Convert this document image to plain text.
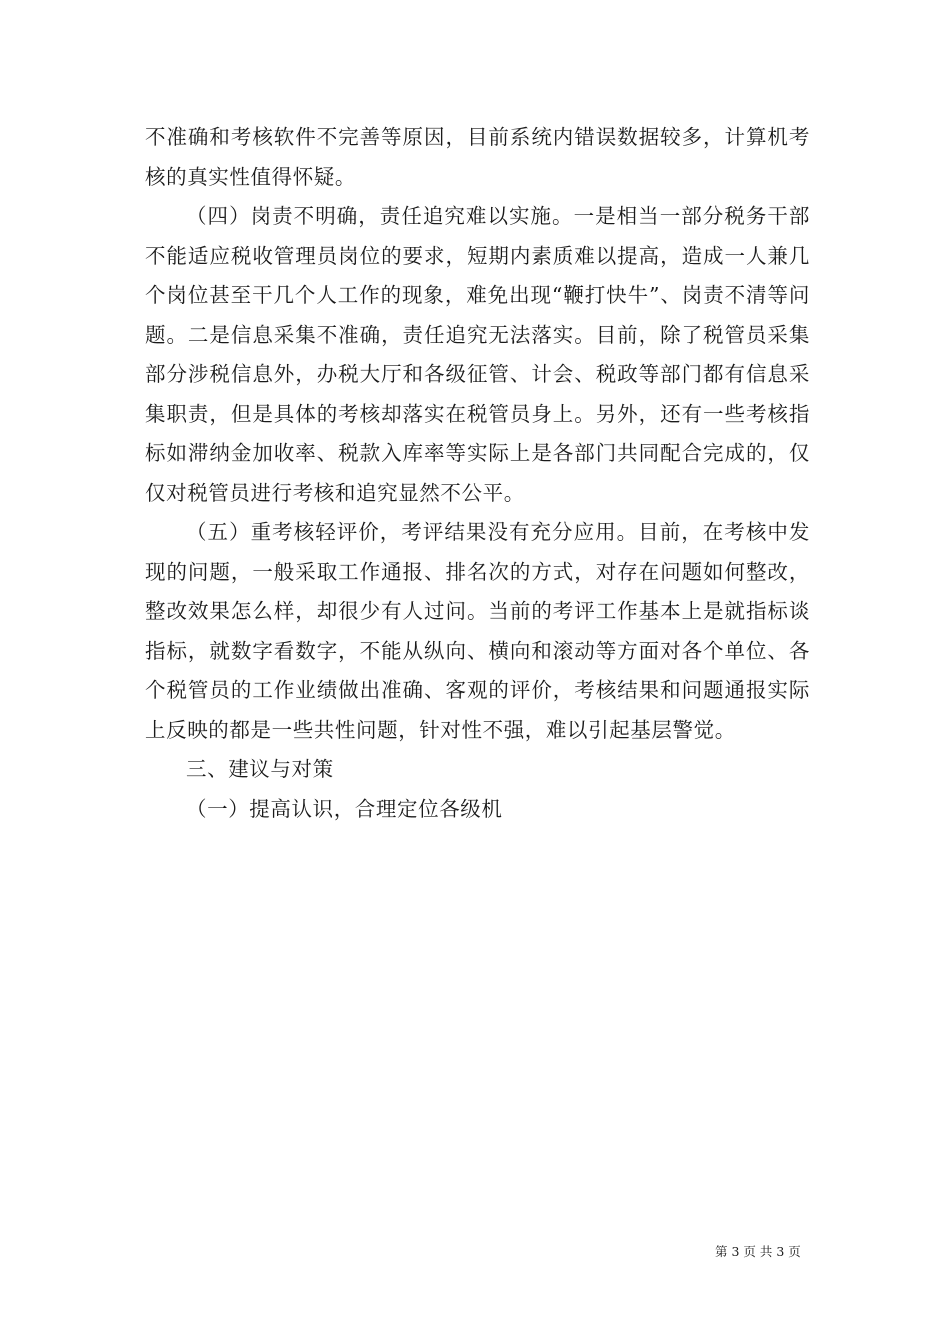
不准确和考核软件不完善等原因，目前系统内错误数据较多，计算机考核的真实性值得怀疑。

（四）岗责不明确，责任追究难以实施。一是相当一部分税务干部不能适应税收管理员岗位的要求，短期内素质难以提高，造成一人兼几个岗位甚至干几个人工作的现象，难免出现“鞭打快牛”、岗责不清等问题。二是信息采集不准确，责任追究无法落实。目前，除了税管员采集部分涉税信息外，办税大厅和各级征管、计会、税政等部门都有信息采集职责，但是具体的考核却落实在税管员身上。另外，还有一些考核指标如滞纳金加收率、税款入库率等实际上是各部门共同配合完成的，仅仅对税管员进行考核和追究显然不公平。

（五）重考核轻评价，考评结果没有充分应用。目前，在考核中发现的问题，一般采取工作通报、排名次的方式，对存在问题如何整改，整改效果怎么样，却很少有人过问。当前的考评工作基本上是就指标谈指标，就数字看数字，不能从纵向、横向和滚动等方面对各个单位、各个税管员的工作业绩做出准确、客观的评价，考核结果和问题通报实际上反映的都是一些共性问题，针对性不强，难以引起基层警觉。

三、建议与对策

（一）提高认识，合理定位各级机

第 3 页 共 3 页
